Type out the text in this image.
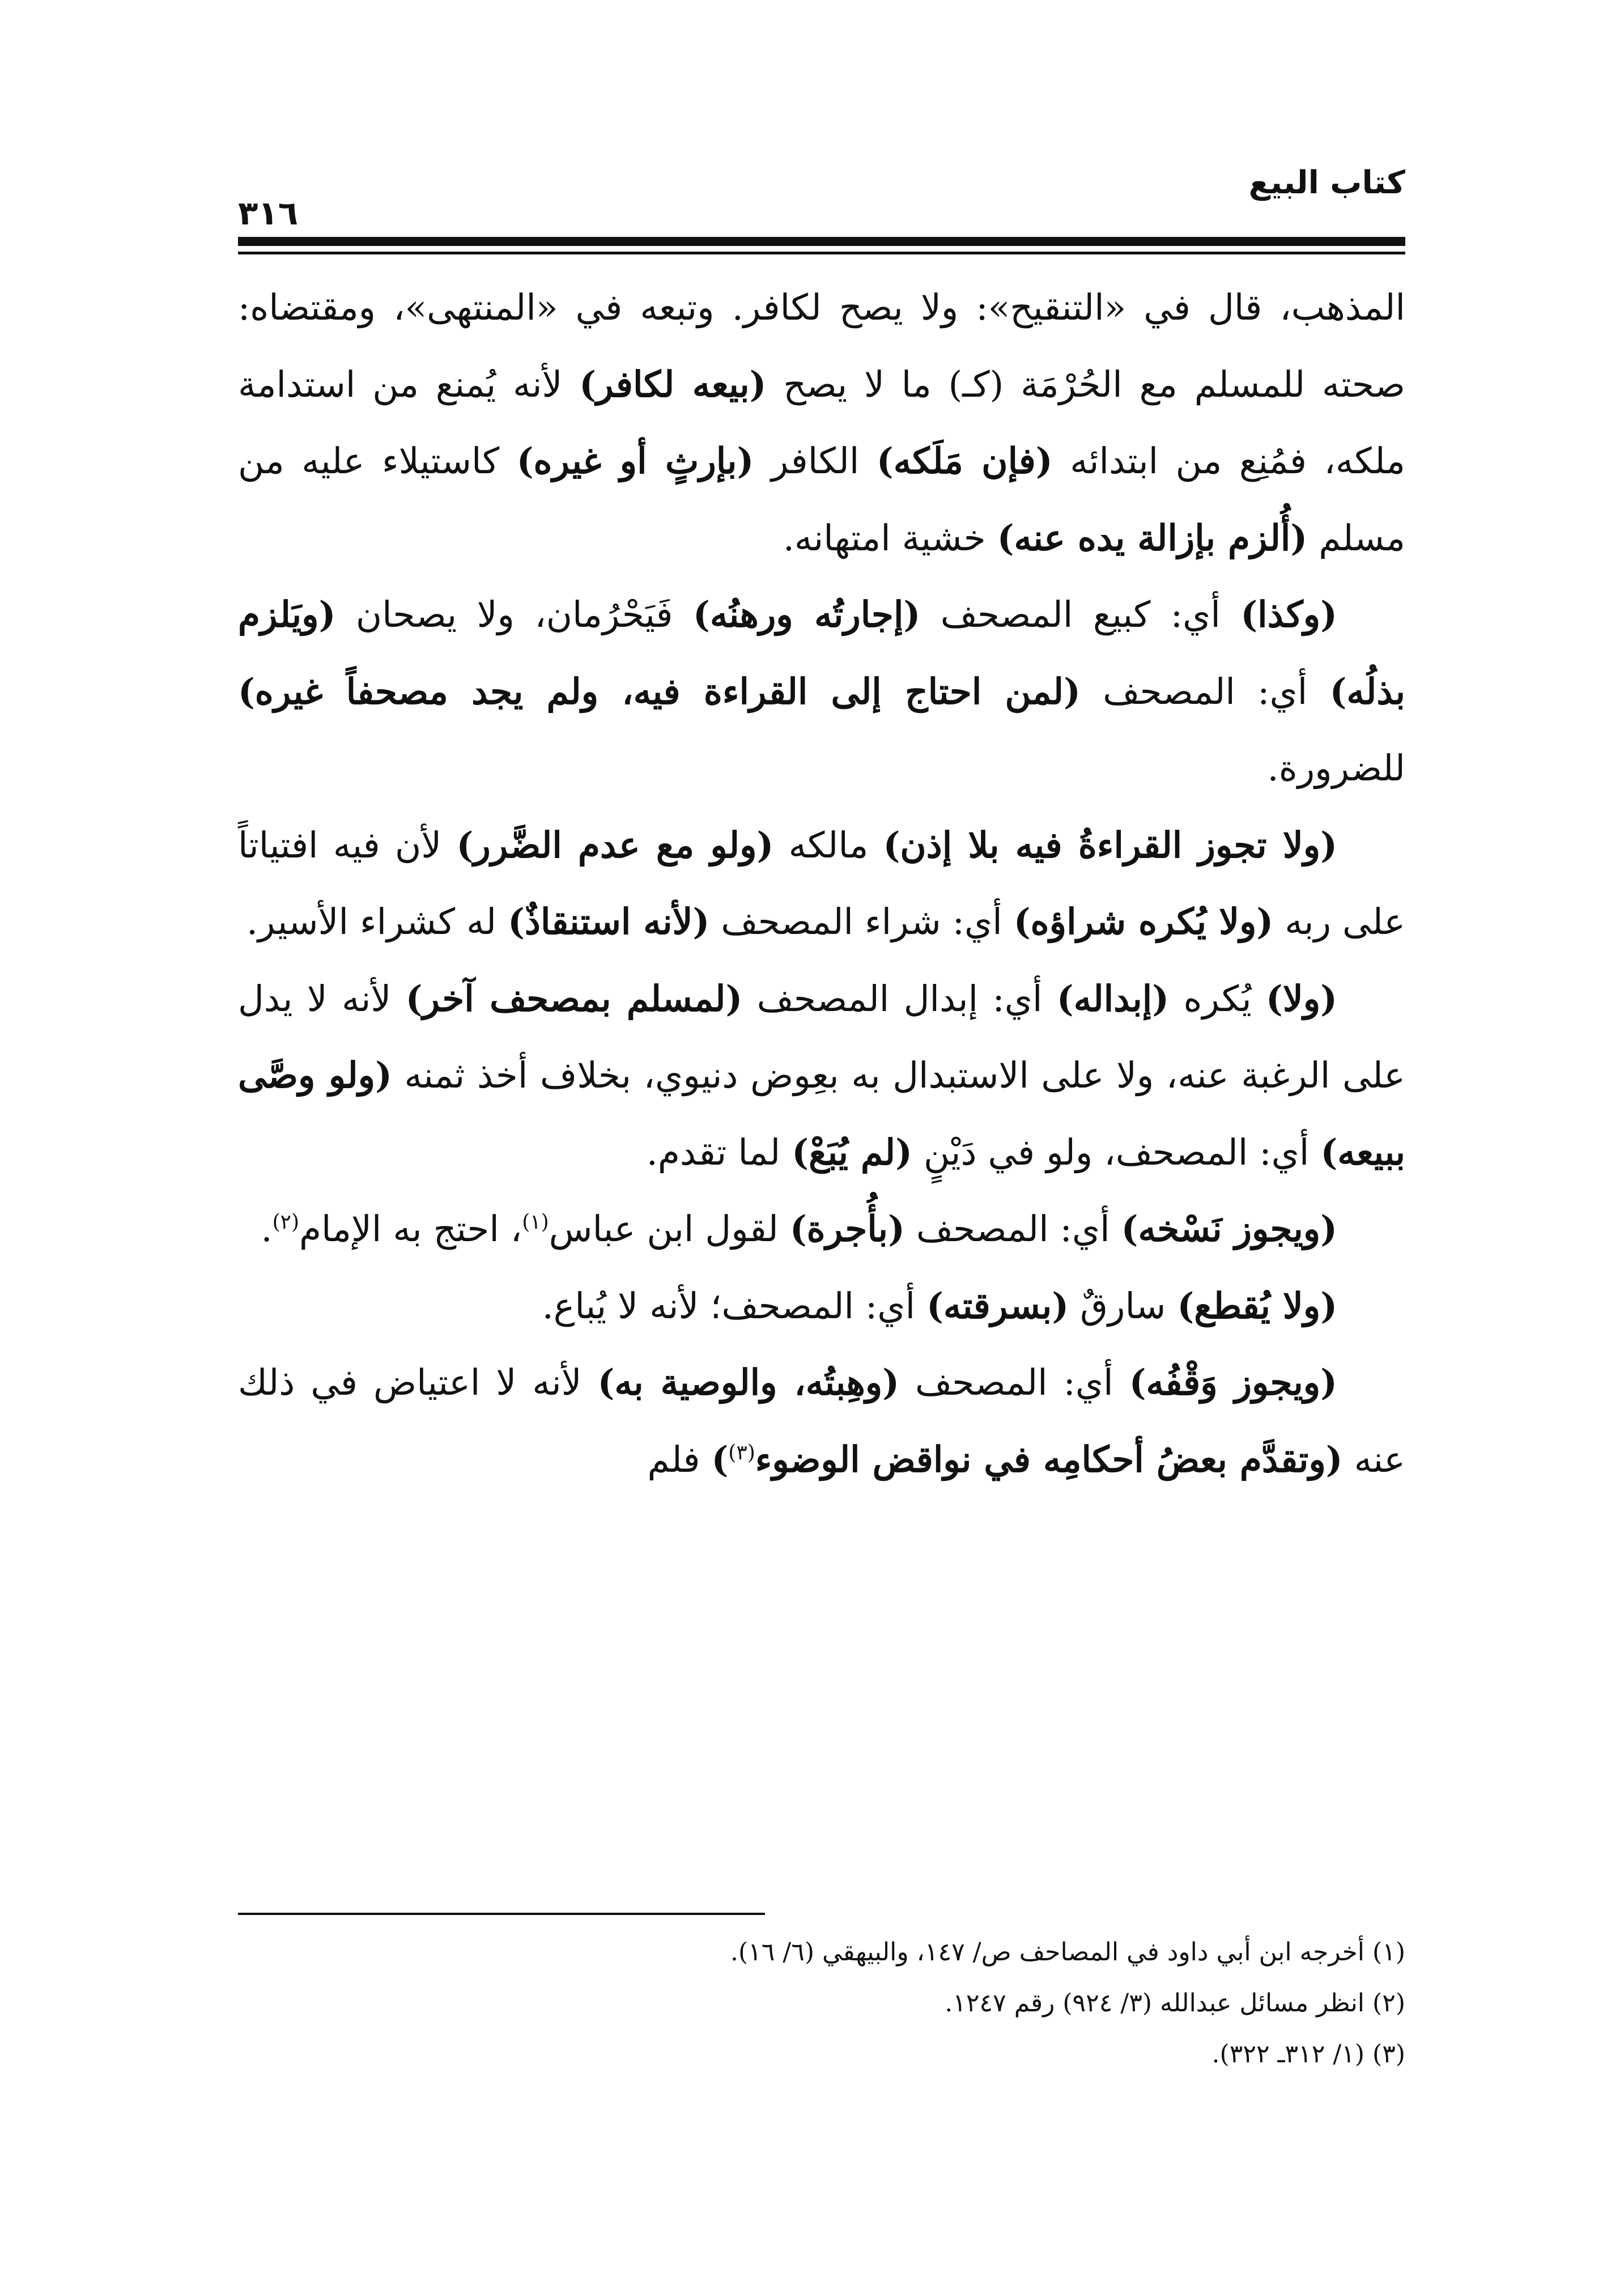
كتاب البيع
٣١٦

المذهب، قال في «التنقيح»: ولا يصح لكافر. وتبعه في «المنتهى»، ومقتضاه: صحته للمسلم مع الحُرْمَة (كـ) ما لا يصح (بيعه لكافر) لأنه يُمنع من استدامة ملكه، فمُنِع من ابتدائه (فإن مَلَكه) الكافر (بإرثٍ أو غيره) كاستيلاء عليه من مسلم (أُلزم بإزالة يده عنه) خشية امتهانه.

(وكذا) أي: كبيع المصحف (إجارتُه ورهنُه) فَيَحْرُمان، ولا يصحان (ويَلزم بذلُه) أي: المصحف (لمن احتاج إلى القراءة فيه، ولم يجد مصحفاً غيره) للضرورة.

(ولا تجوز القراءةُ فيه بلا إذن) مالكه (ولو مع عدم الضَّرر) لأن فيه افتياتاً على ربه (ولا يُكره شراؤه) أي: شراء المصحف (لأنه استنقاذٌ) له كشراء الأسير.

(ولا) يُكره (إبداله) أي: إبدال المصحف (لمسلم بمصحف آخر) لأنه لا يدل على الرغبة عنه، ولا على الاستبدال به بعِوض دنيوي، بخلاف أخذ ثمنه (ولو وصَّى ببيعه) أي: المصحف، ولو في دَيْنٍ (لم يُبَعْ) لما تقدم.

(ويجوز نَسْخه) أي: المصحف (بأُجرة) لقول ابن عباس$^{(١)}$، احتج به الإمام$^{(٢)}$.

(ولا يُقطع) سارقٌ (بسرقته) أي: المصحف؛ لأنه لا يُباع.

(ويجوز وَقْفُه) أي: المصحف (وهِبتُه، والوصية به) لأنه لا اعتياض في ذلك عنه (وتقدَّم بعضُ أحكامِه في نواقض الوضوء$^{(٣)}$) فلم

(١) أخرجه ابن أبي داود في المصاحف ص/ ١٤٧، والبيهقي (٦/ ١٦).

(٢) انظر مسائل عبدالله (٣/ ٩٢٤) رقم ١٢٤٧.

(٣) (١/ ٣١٢ـ ٣٢٢).
